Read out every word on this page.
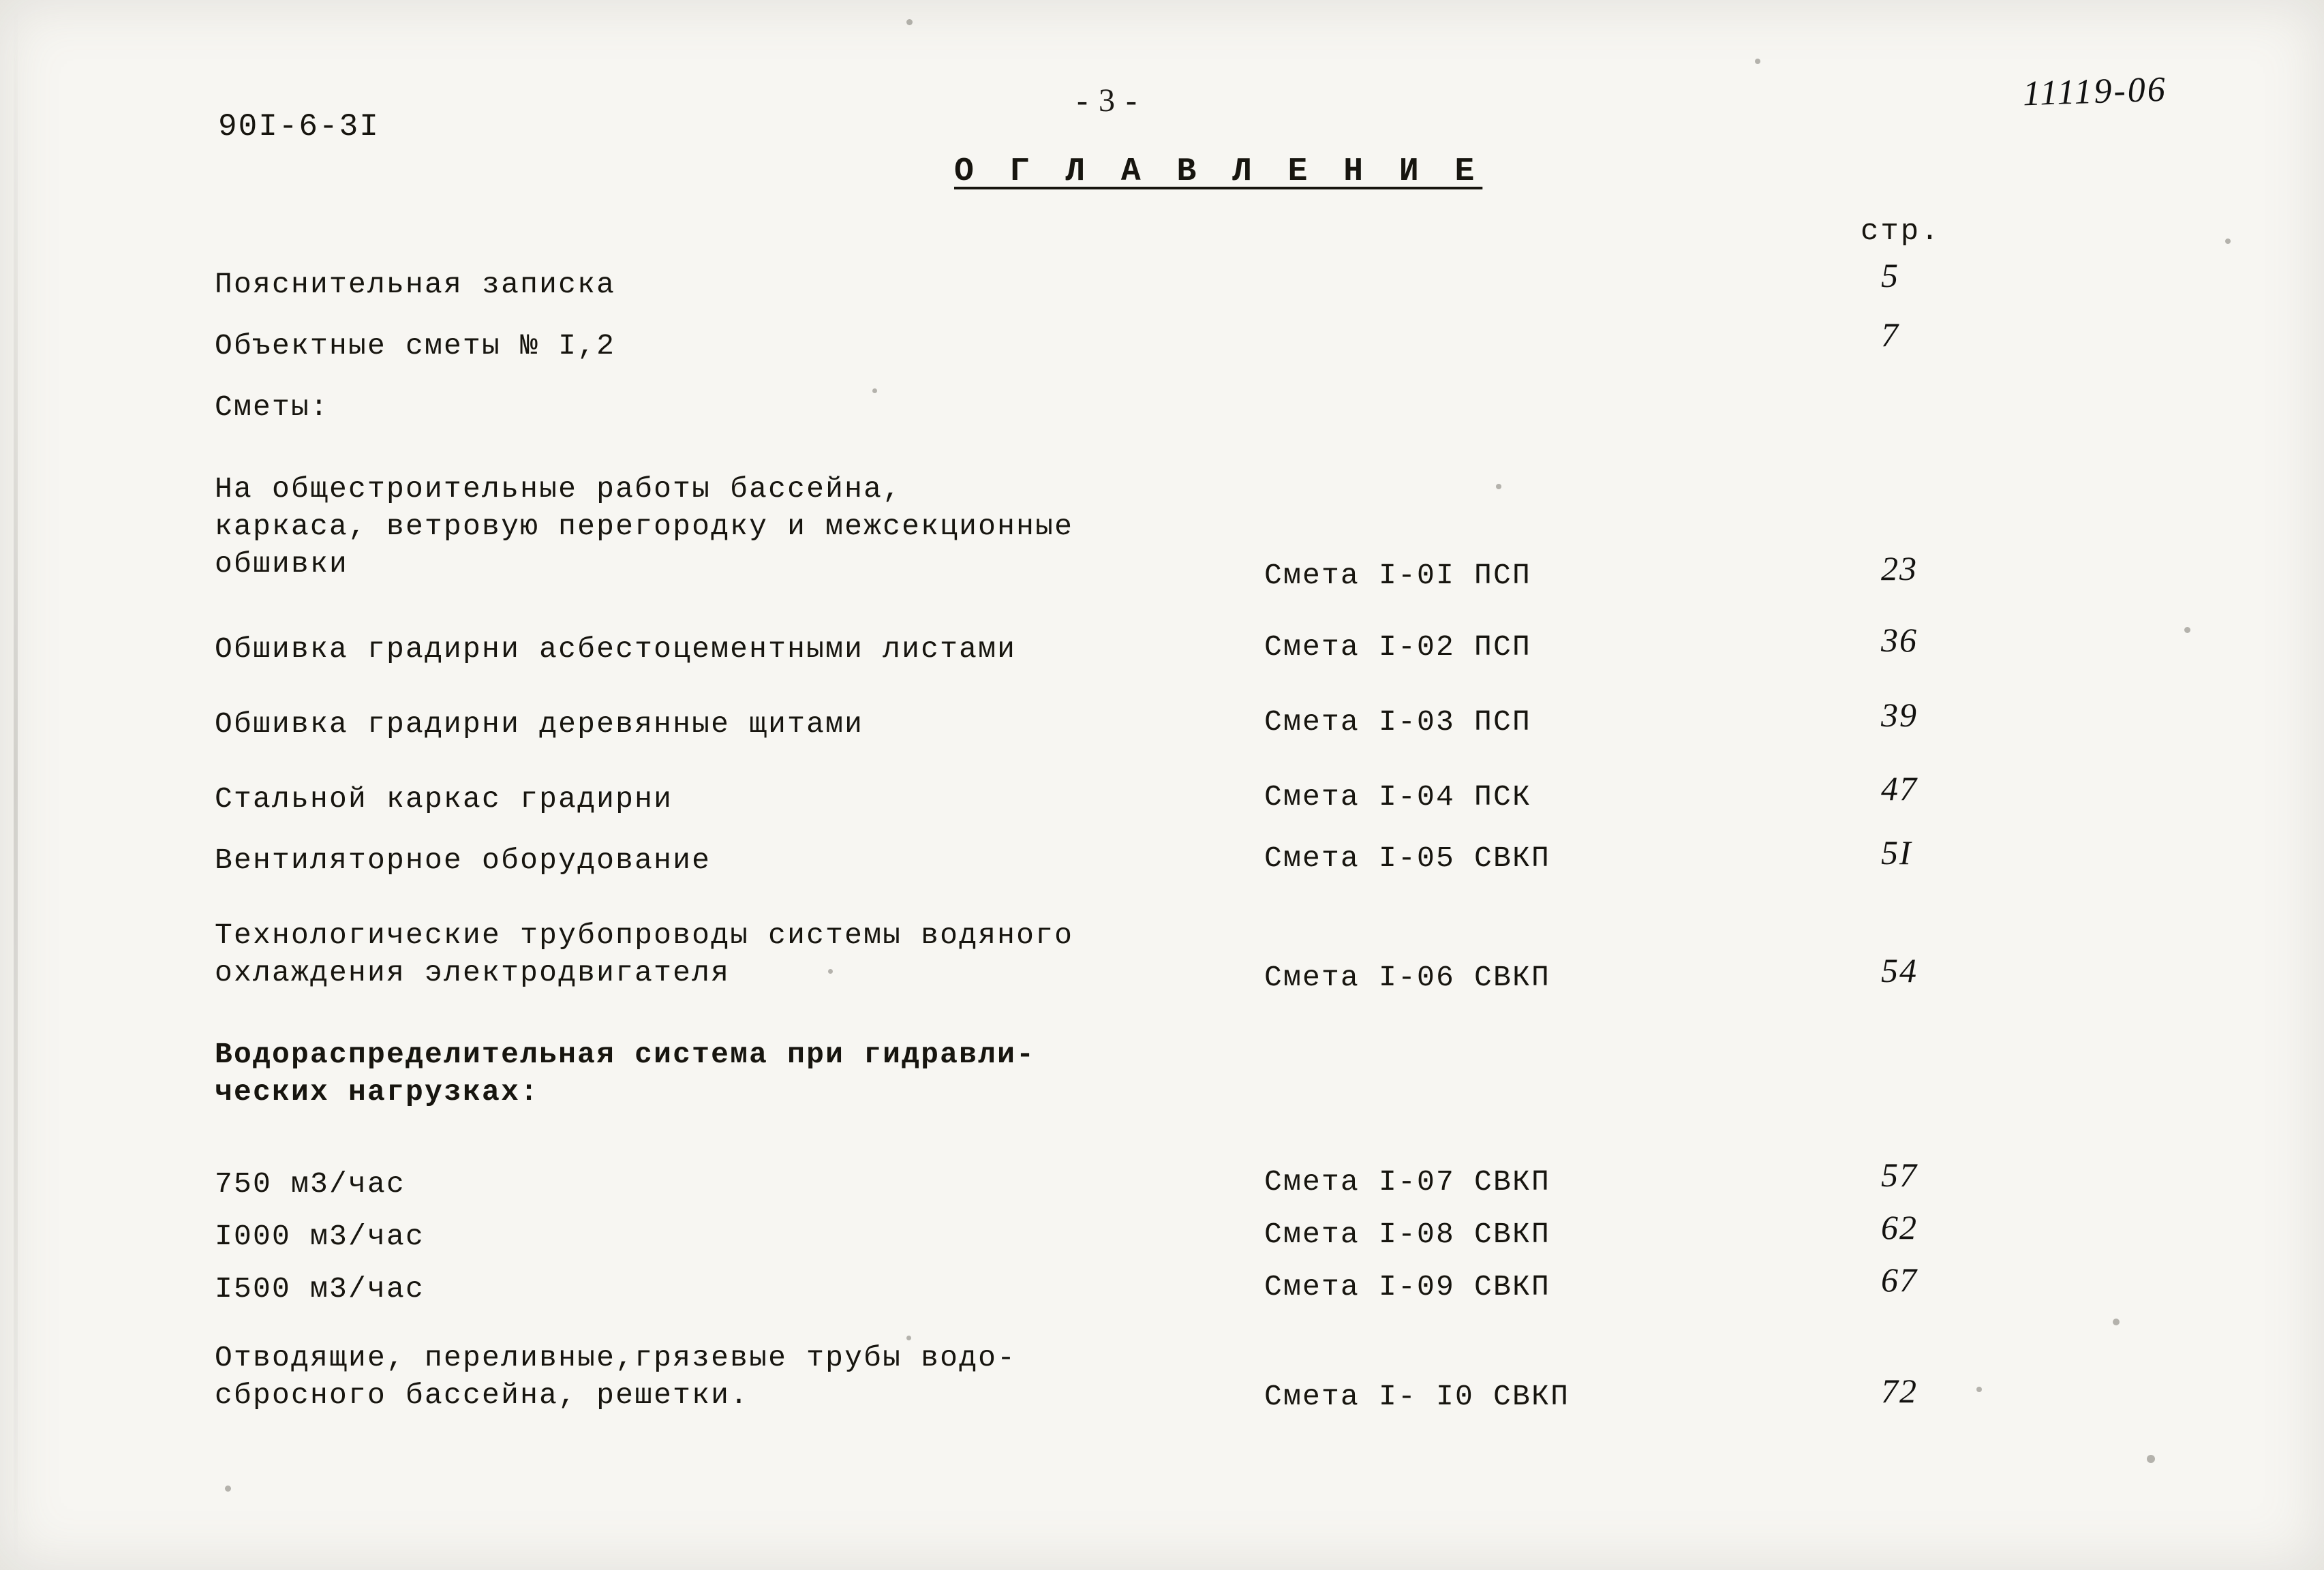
90I-6-3I
- 3 -	11119-06
О Г Л А В Л Е Н И Е
стр.
Пояснительная записка	5
Объектные сметы № I,2	7
Сметы:
На общестроительные работы бассейна,
каркаса, ветровую перегородку и межсекционные
обшивки	Смета I-0I ПСП	23
Обшивка градирни асбестоцементными листами	Смета I-02 ПСП	36
Обшивка градирни деревянные щитами	Смета I-03 ПСП	39
Стальной каркас градирни	Смета I-04 ПСК	47
Вентиляторное оборудование	Смета I-05 СВКП	5I
Технологические трубопроводы системы водяного
охлаждения электродвигателя	Смета I-06 СВКП	54
Водораспределительная система при гидравли-
ческих нагрузках:
750 м3/час	Смета I-07 СВКП	57
I000 м3/час	Смета I-08 СВКП	62
I500 м3/час	Смета I-09 СВКП	67
Отводящие, переливные,грязевые трубы водо-
сбросного бассейна, решетки.	Смета I- I0 СВКП	72
